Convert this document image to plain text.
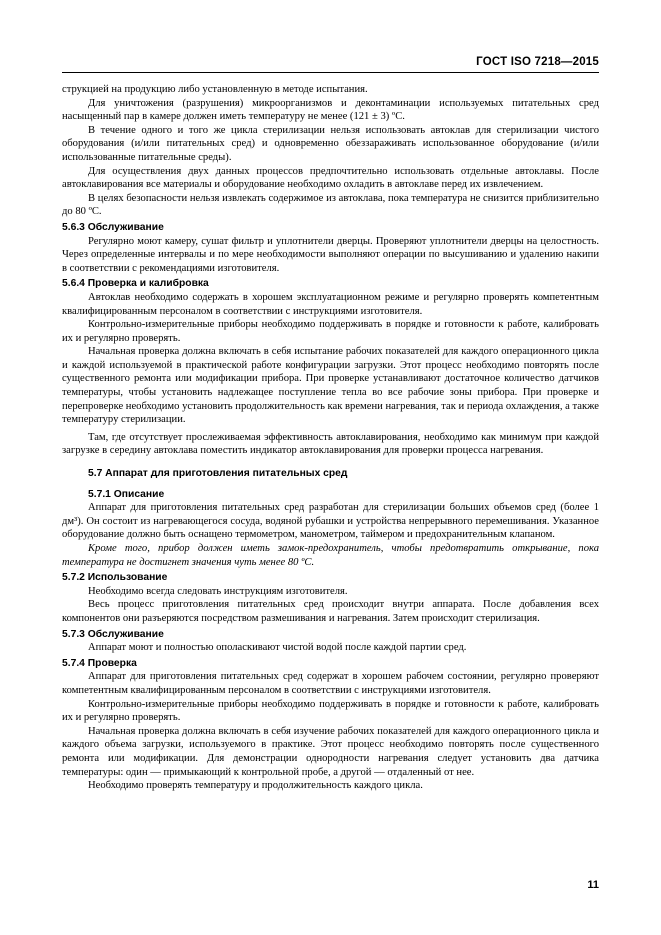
ГОСТ ISO 7218—2015

струкцией на продукцию либо установленную в методе испытания.

Для уничтожения (разрушения) микроорганизмов и деконтаминации используемых питательных сред насыщенный пар в камере должен иметь температуру не менее (121 ± 3) ºС.

В течение одного и того же цикла стерилизации нельзя использовать автоклав для стерилизации чистого оборудования (и/или питательных сред) и одновременно обеззараживать использованное оборудование (и/или использованные питательные среды).

Для осуществления двух данных процессов предпочтительно использовать отдельные автоклавы. После автоклавирования все материалы и оборудование необходимо охладить в автоклаве перед их извлечением.

В целях безопасности нельзя извлекать содержимое из автоклава, пока температура не снизится приблизительно до 80 ºС.

5.6.3 Обслуживание

Регулярно моют камеру, сушат фильтр и уплотнители дверцы. Проверяют уплотнители дверцы на целостность. Через определенные интервалы и по мере необходимости выполняют операции по высушиванию и удалению накипи в соответствии с рекомендациями изготовителя.

5.6.4 Проверка и калибровка

Автоклав необходимо содержать в хорошем эксплуатационном режиме и регулярно проверять компетентным квалифицированным персоналом в соответствии с инструкциями изготовителя.

Контрольно-измерительные приборы необходимо поддерживать в порядке и готовности к работе, калибровать их и регулярно проверять.

Начальная проверка должна включать в себя испытание рабочих показателей для каждого операционного цикла и каждой используемой в практической работе конфигурации загрузки. Этот процесс необходимо повторять после существенного ремонта или модификации прибора. При проверке устанавливают достаточное количество датчиков температуры, чтобы установить надлежащее поступление тепла во все рабочие зоны прибора. При проверке и перепроверке необходимо установить продолжительность как времени нагревания, так и периода охлаждения, а также температуру стерилизации.

Там, где отсутствует прослеживаемая эффективность автоклавирования, необходимо как минимум при каждой загрузке в середину автоклава поместить индикатор автоклавирования для проверки процесса нагревания.

5.7 Аппарат для приготовления питательных сред
5.7.1 Описание

Аппарат для приготовления питательных сред разработан для стерилизации больших объемов сред (более 1 дм³). Он состоит из нагревающегося сосуда, водяной рубашки и устройства непрерывного перемешивания. Указанное оборудование должно быть оснащено термометром, манометром, таймером и предохранительным клапаном.

Кроме того, прибор должен иметь замок-предохранитель, чтобы предотвратить открывание, пока температура не достигнет значения чуть менее 80 ºС.

5.7.2 Использование

Необходимо всегда следовать инструкциям изготовителя.

Весь процесс приготовления питательных сред происходит внутри аппарата. После добавления всех компонентов они разъеряются посредством размешивания и нагревания. Затем происходит стерилизация.

5.7.3 Обслуживание

Аппарат моют и полностью ополаскивают чистой водой после каждой партии сред.

5.7.4 Проверка

Аппарат для приготовления питательных сред содержат в хорошем рабочем состоянии, регулярно проверяют компетентным квалифицированным персоналом в соответствии с инструкциями изготовителя.

Контрольно-измерительные приборы необходимо поддерживать в порядке и готовности к работе, калибровать их и регулярно проверять.

Начальная проверка должна включать в себя изучение рабочих показателей для каждого операционного цикла и каждого объема загрузки, используемого в практике. Этот процесс необходимо повторять после существенного ремонта или модификации. Для демонстрации однородности нагревания следует установить два датчика температуры: один — примыкающий к контрольной пробе, а другой — отдаленный от нее.

Необходимо проверять температуру и продолжительность каждого цикла.

11
